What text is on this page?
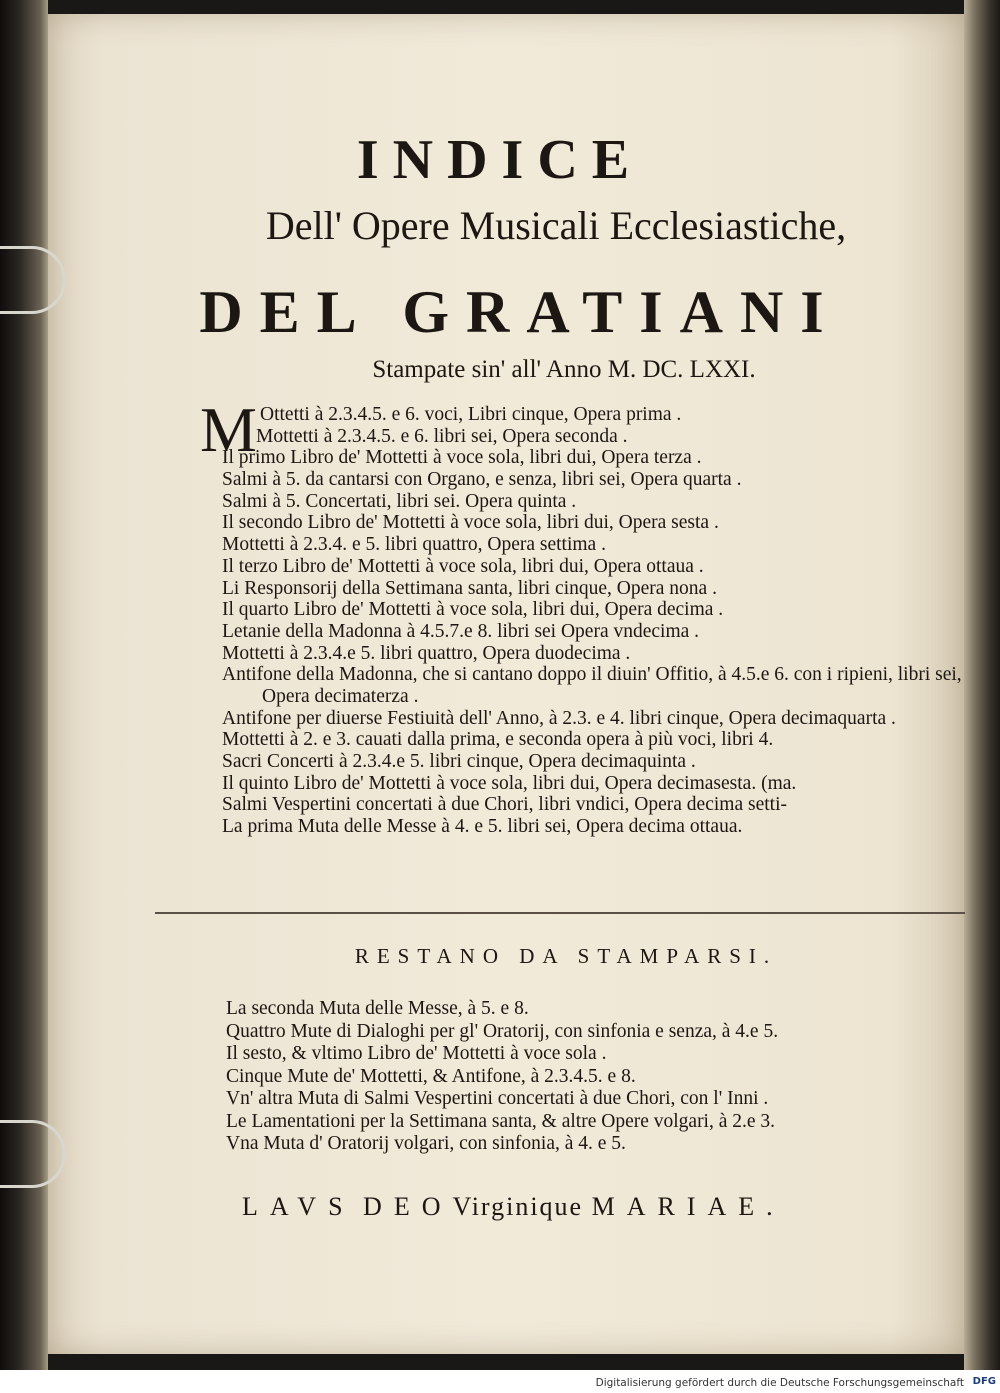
INDICE
Dell' Opere Musicali Ecclesiastiche,
DEL GRATIANI
Stampate sin' all' Anno M. DC. LXXI.
M Ottetti à 2.3.4.5. e 6. voci, Libri cinque, Opera prima .
Mottetti à 2.3.4.5. e 6. libri sei, Opera seconda .
Il primo Libro de' Mottetti à voce sola, libri dui, Opera terza .
Salmi à 5. da cantarsi con Organo, e senza, libri sei, Opera quarta .
Salmi à 5. Concertati, libri sei. Opera quinta .
Il secondo Libro de' Mottetti à voce sola, libri dui, Opera sesta .
Mottetti à 2.3.4. e 5. libri quattro, Opera settima .
Il terzo Libro de' Mottetti à voce sola, libri dui, Opera ottaua .
Li Responsorij della Settimana santa, libri cinque, Opera nona .
Il quarto Libro de' Mottetti à voce sola, libri dui, Opera decima .
Letanie della Madonna à 4.5.7.e 8. libri sei Opera vndecima .
Mottetti à 2.3.4.e 5. libri quattro, Opera duodecima .
Antifone della Madonna, che si cantano doppo il diuin' Offitio, à 4.5.e 6. con i ripieni, libri sei, Opera decimaterza .
Antifone per diuerse Festiuità dell' Anno, à 2.3. e 4. libri cinque, Opera decimaquarta .
Mottetti à 2. e 3. cauati dalla prima, e seconda opera à più voci, libri 4.
Sacri Concerti à 2.3.4.e 5. libri cinque, Opera decimaquinta .
Il quinto Libro de' Mottetti à voce sola, libri dui, Opera decimasesta. (ma.
Salmi Vespertini concertati à due Chori, libri vndici, Opera decima setti-
La prima Muta delle Messe à 4. e 5. libri sei, Opera decima ottaua.
RESTANO DA STAMPARSI.
La seconda Muta delle Messe, à 5. e 8.
Quattro Mute di Dialoghi per gl' Oratorij, con sinfonia e senza, à 4.e 5.
Il sesto, & vltimo Libro de' Mottetti à voce sola .
Cinque Mute de' Mottetti, & Antifone, à 2.3.4.5. e 8.
Vn' altra Muta di Salmi Vespertini concertati à due Chori, con l' Inni .
Le Lamentationi per la Settimana santa, & altre Opere volgari, à 2.e 3.
Vna Muta d' Oratorij volgari, con sinfonia, à 4. e 5.
LAVS DEOVirginique MARIAE.
Digitalisierung gefördert durch die Deutsche Forschungsgemeinschaft DFG
